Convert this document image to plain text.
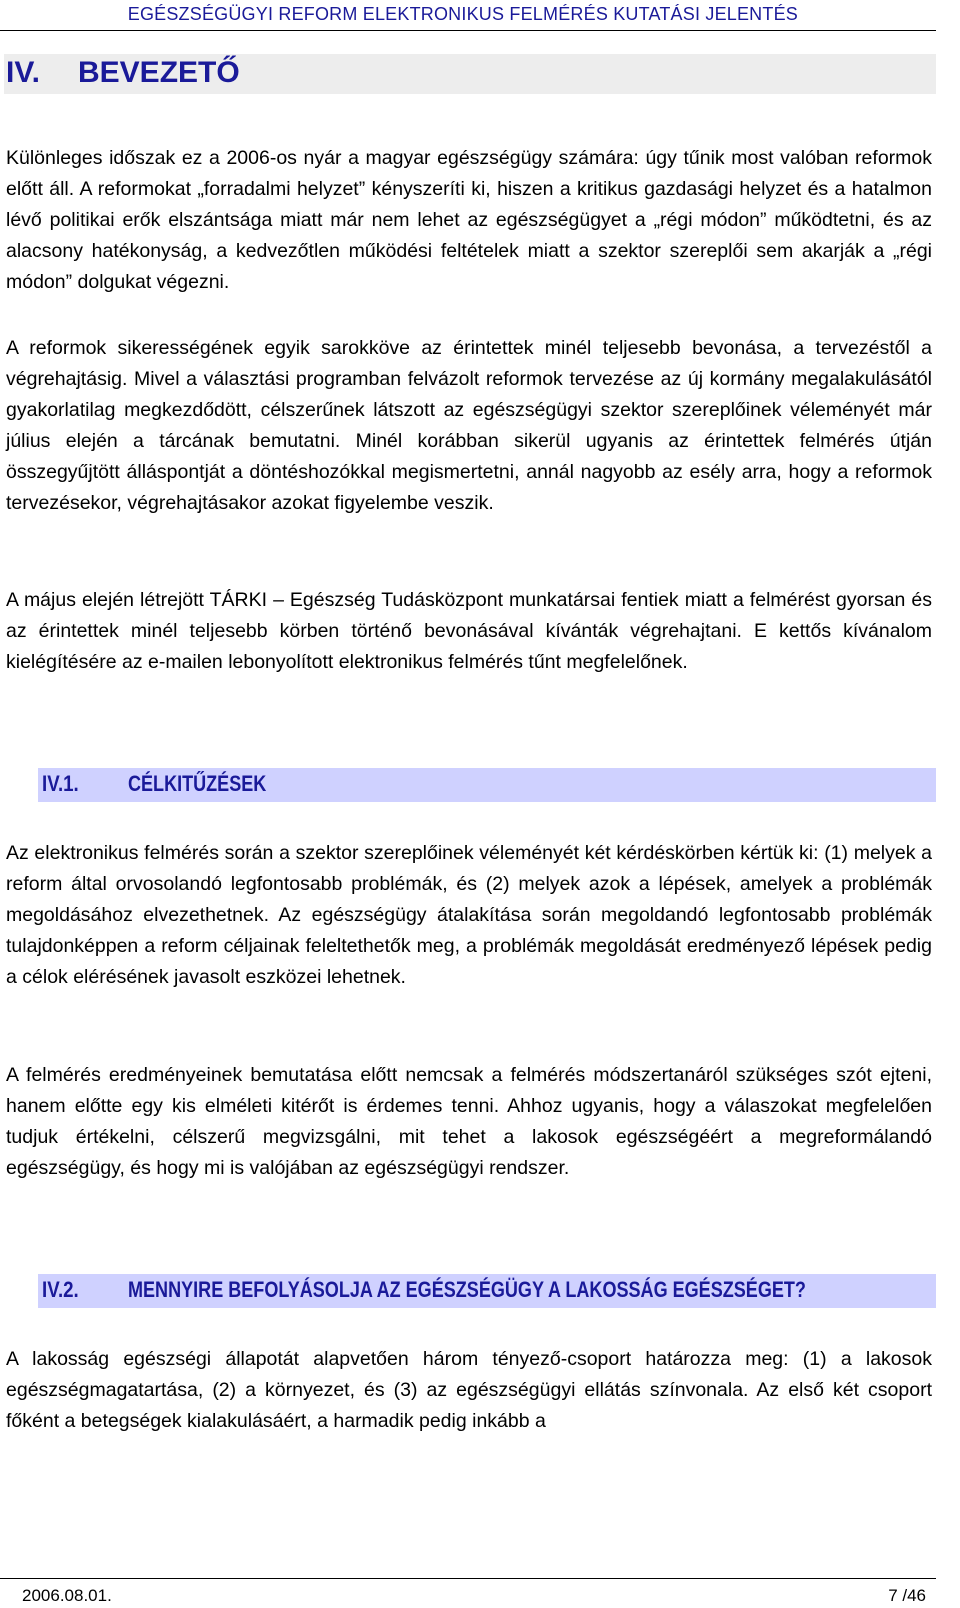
EGÉSZSÉGÜGYI REFORM ELEKTRONIKUS FELMÉRÉS KUTATÁSI JELENTÉS
IV. BEVEZETŐ

Különleges időszak ez a 2006-os nyár a magyar egészségügy számára: úgy tűnik most valóban reformok előtt áll. A reformokat „forradalmi helyzet” kényszeríti ki, hiszen a kritikus gazdasági helyzet és a hatalmon lévő politikai erők elszántsága miatt már nem lehet az egészségügyet a „régi módon” működtetni, és az alacsony hatékonyság, a kedvezőtlen működési feltételek miatt a szektor szereplői sem akarják a „régi módon” dolgukat végezni.

A reformok sikerességének egyik sarokköve az érintettek minél teljesebb bevonása, a tervezéstől a végrehajtásig. Mivel a választási programban felvázolt reformok tervezése az új kormány megalakulásától gyakorlatilag megkezdődött, célszerűnek látszott az egészségügyi szektor szereplőinek véleményét már július elején a tárcának bemutatni. Minél korábban sikerül ugyanis az érintettek felmérés útján összegyűjtött álláspontját a döntéshozókkal megismertetni, annál nagyobb az esély arra, hogy a reformok tervezésekor, végrehajtásakor azokat figyelembe veszik.

A május elején létrejött TÁRKI – Egészség Tudásközpont munkatársai fentiek miatt a felmérést gyorsan és az érintettek minél teljesebb körben történő bevonásával kívánták végrehajtani. E kettős kívánalom kielégítésére az e-mailen lebonyolított elektronikus felmérés tűnt megfelelőnek.

IV.1. CÉLKITŰZÉSEK

Az elektronikus felmérés során a szektor szereplőinek véleményét két kérdéskörben kértük ki: (1) melyek a reform által orvosolandó legfontosabb problémák, és (2) melyek azok a lépések, amelyek a problémák megoldásához elvezethetnek. Az egészségügy átalakítása során megoldandó legfontosabb problémák tulajdonképpen a reform céljainak feleltethetők meg, a problémák megoldását eredményező lépések pedig a célok elérésének javasolt eszközei lehetnek.

A felmérés eredményeinek bemutatása előtt nemcsak a felmérés módszertanáról szükséges szót ejteni, hanem előtte egy kis elméleti kitérőt is érdemes tenni. Ahhoz ugyanis, hogy a válaszokat megfelelően tudjuk értékelni, célszerű megvizsgálni, mit tehet a lakosok egészségéért a megreformálandó egészségügy, és hogy mi is valójában az egészségügyi rendszer.

IV.2. MENNYIRE BEFOLYÁSOLJA AZ EGÉSZSÉGÜGY A LAKOSSÁG EGÉSZSÉGET?

A lakosság egészségi állapotát alapvetően három tényező-csoport határozza meg: (1) a lakosok egészségmagatartása, (2) a környezet, és (3) az egészségügyi ellátás színvonala. Az első két csoport főként a betegségek kialakulásáért, a harmadik pedig inkább a

2006.08.01.	7 /46
